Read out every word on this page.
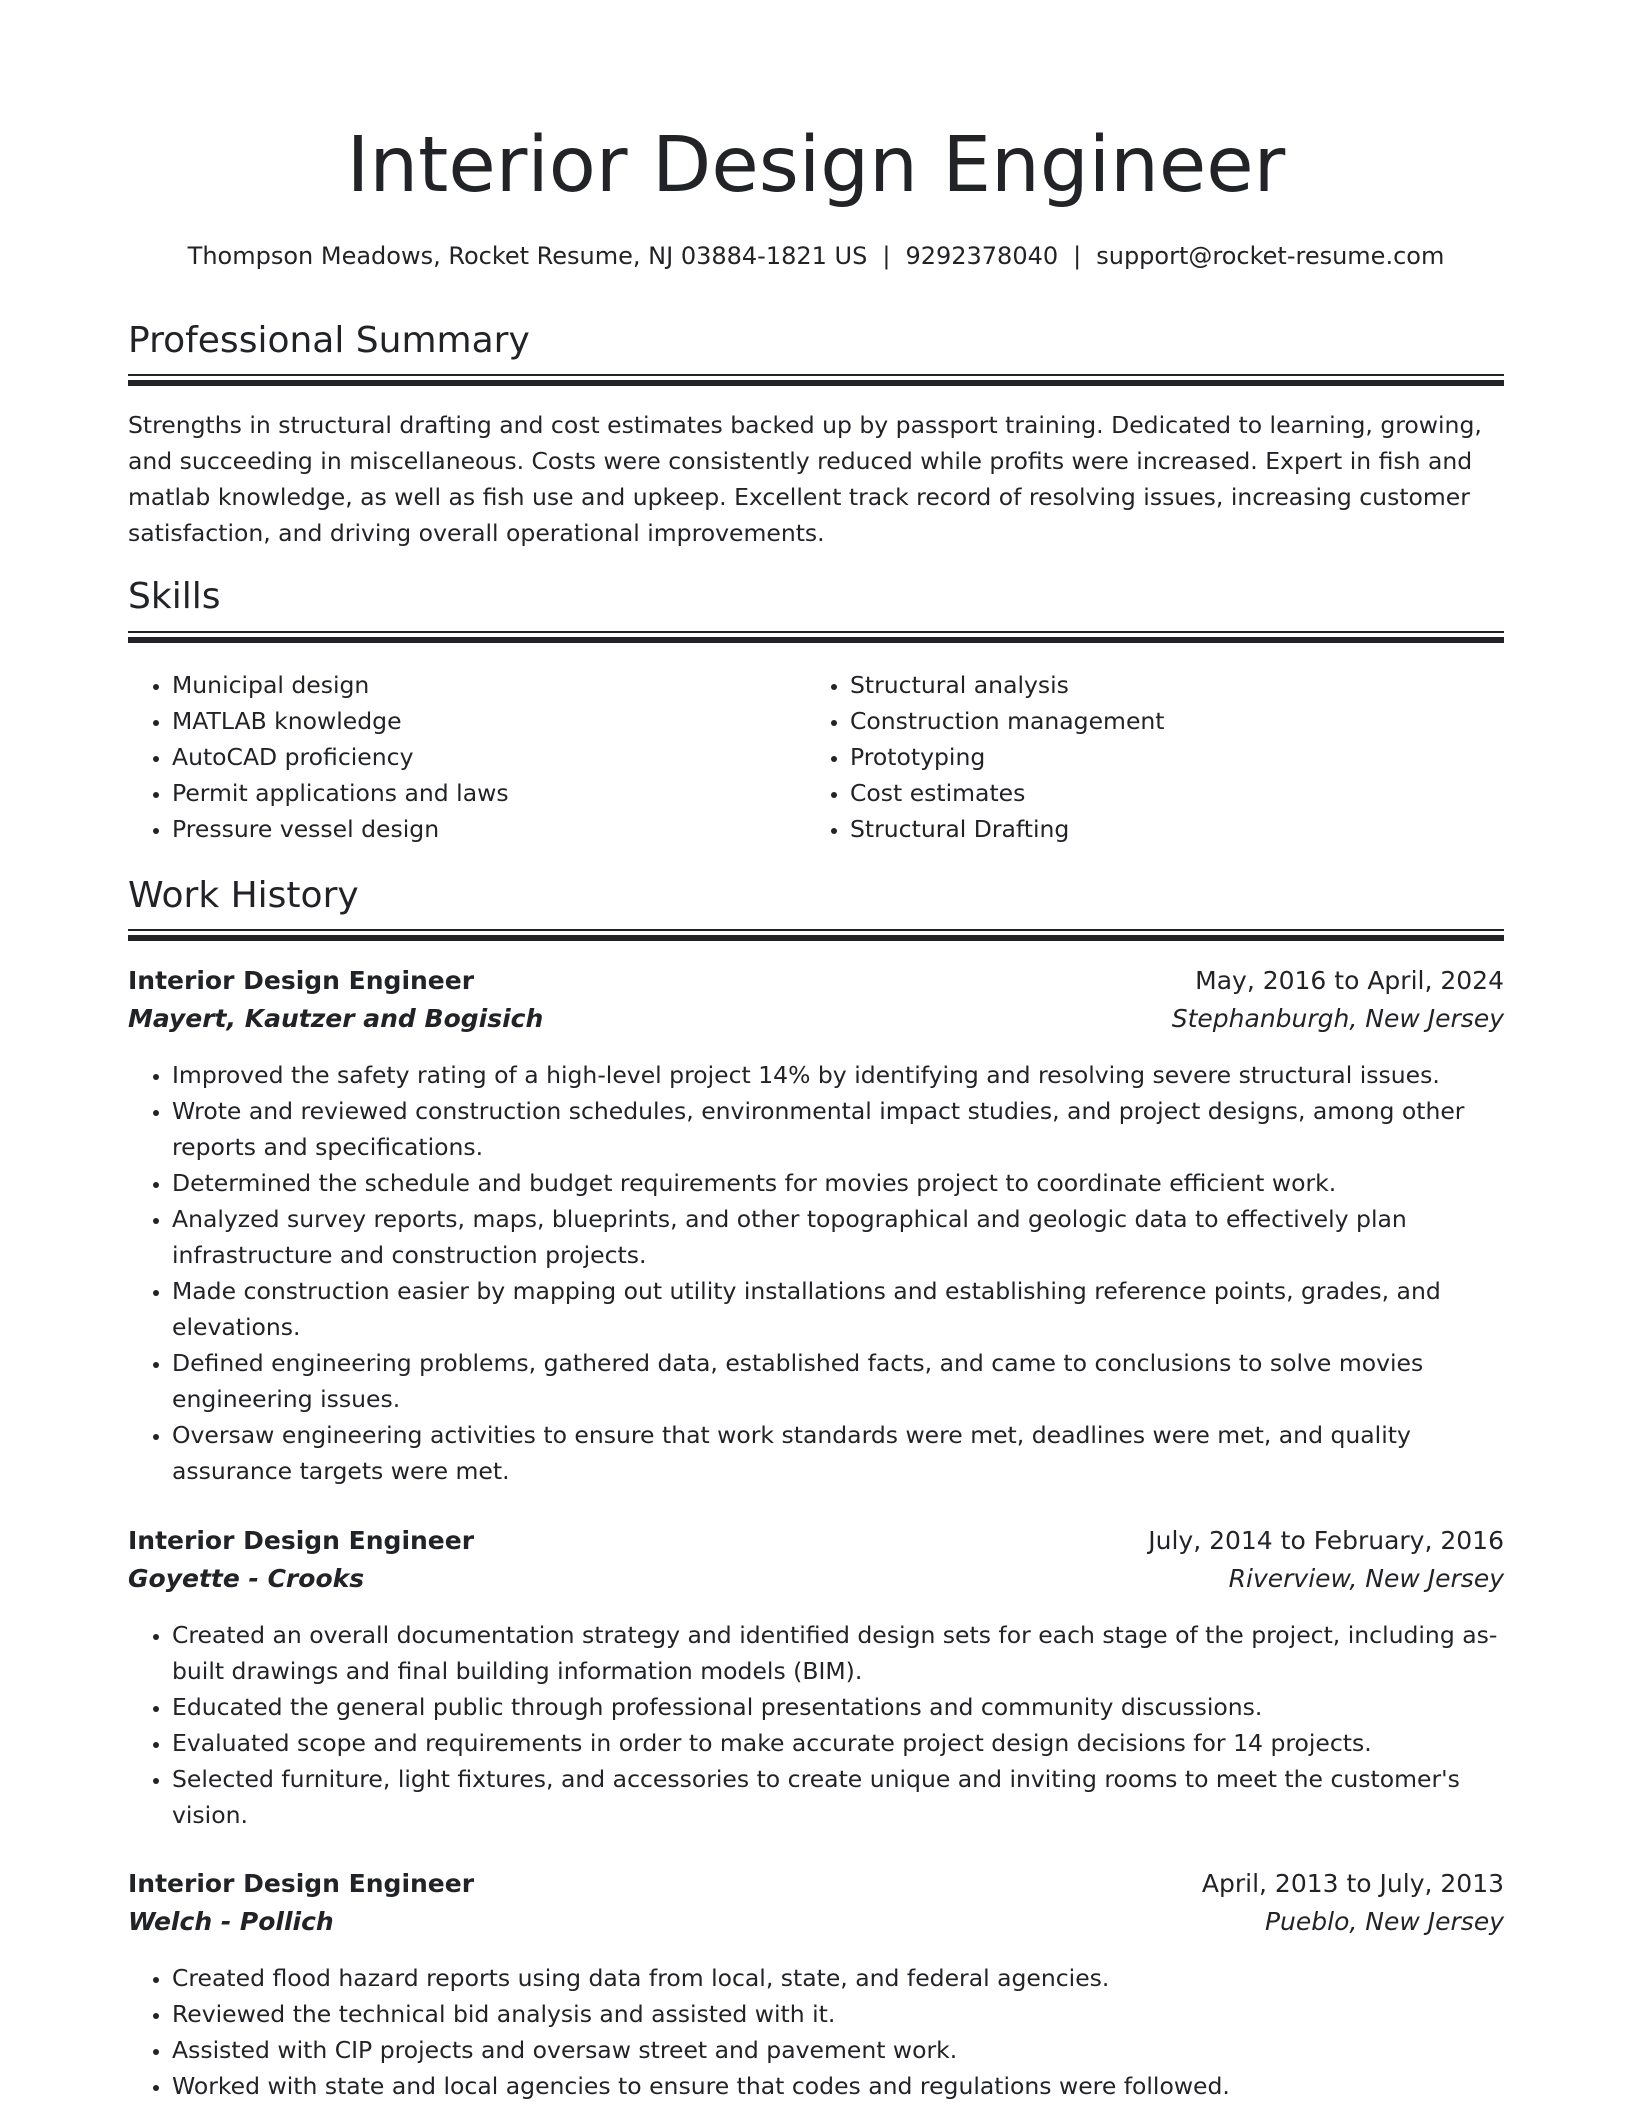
Interior Design Engineer
Thompson Meadows, Rocket Resume, NJ 03884-1821 US | 9292378040 | support@rocket-resume.com
Professional Summary
Strengths in structural drafting and cost estimates backed up by passport training. Dedicated to learning, growing, and succeeding in miscellaneous. Costs were consistently reduced while profits were increased. Expert in fish and matlab knowledge, as well as fish use and upkeep. Excellent track record of resolving issues, increasing customer satisfaction, and driving overall operational improvements.
Skills
• Municipal design
• MATLAB knowledge
• AutoCAD proficiency
• Permit applications and laws
• Pressure vessel design
• Structural analysis
• Construction management
• Prototyping
• Cost estimates
• Structural Drafting
Work History
Interior Design Engineer	May, 2016 to April, 2024
Mayert, Kautzer and Bogisich	Stephanburgh, New Jersey
• Improved the safety rating of a high-level project 14% by identifying and resolving severe structural issues.
• Wrote and reviewed construction schedules, environmental impact studies, and project designs, among other reports and specifications.
• Determined the schedule and budget requirements for movies project to coordinate efficient work.
• Analyzed survey reports, maps, blueprints, and other topographical and geologic data to effectively plan infrastructure and construction projects.
• Made construction easier by mapping out utility installations and establishing reference points, grades, and elevations.
• Defined engineering problems, gathered data, established facts, and came to conclusions to solve movies engineering issues.
• Oversaw engineering activities to ensure that work standards were met, deadlines were met, and quality assurance targets were met.
Interior Design Engineer	July, 2014 to February, 2016
Goyette - Crooks	Riverview, New Jersey
• Created an overall documentation strategy and identified design sets for each stage of the project, including as-built drawings and final building information models (BIM).
• Educated the general public through professional presentations and community discussions.
• Evaluated scope and requirements in order to make accurate project design decisions for 14 projects.
• Selected furniture, light fixtures, and accessories to create unique and inviting rooms to meet the customer's vision.
Interior Design Engineer	April, 2013 to July, 2013
Welch - Pollich	Pueblo, New Jersey
• Created flood hazard reports using data from local, state, and federal agencies.
• Reviewed the technical bid analysis and assisted with it.
• Assisted with CIP projects and oversaw street and pavement work.
• Worked with state and local agencies to ensure that codes and regulations were followed.
